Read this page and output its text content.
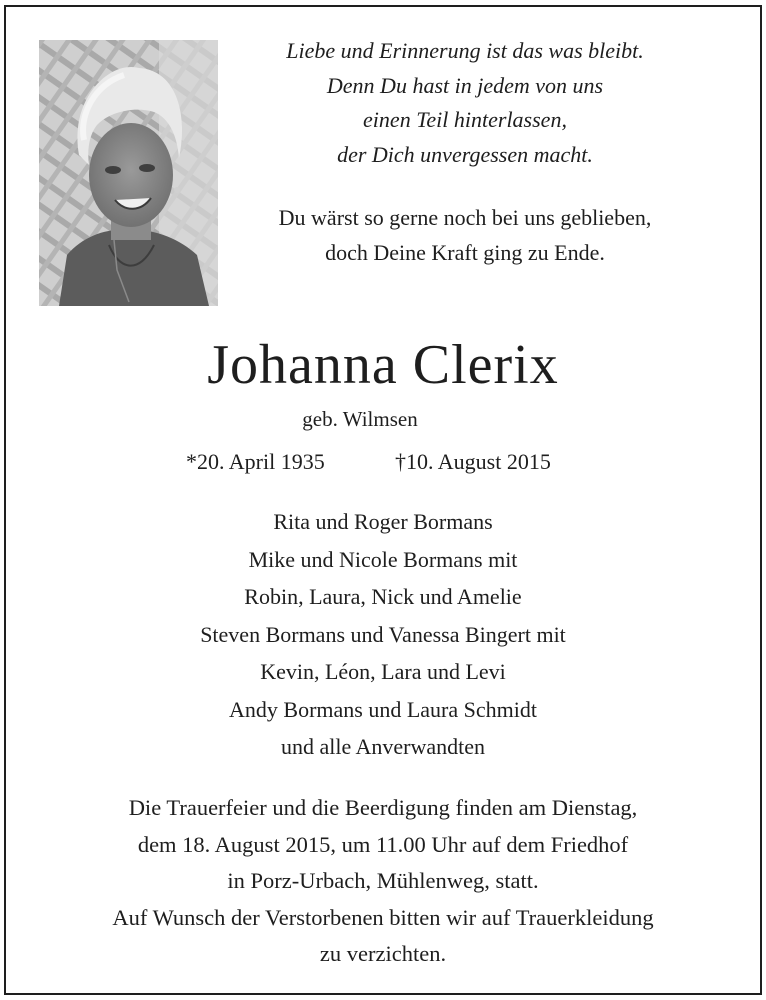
Liebe und Erinnerung ist das was bleibt.
Denn Du hast in jedem von uns
einen Teil hinterlassen,
der Dich unvergessen macht.
Du wärst so gerne noch bei uns geblieben,
doch Deine Kraft ging zu Ende.
Johanna Clerix
geb. Wilmsen
*20. April 1935	†10. August 2015
Rita und Roger Bormans
Mike und Nicole Bormans mit
Robin, Laura, Nick und Amelie
Steven Bormans und Vanessa Bingert mit
Kevin, Léon, Lara und Levi
Andy Bormans und Laura Schmidt
und alle Anverwandten
Die Trauerfeier und die Beerdigung finden am Dienstag,
dem 18. August 2015, um 11.00 Uhr auf dem Friedhof
in Porz-Urbach, Mühlenweg, statt.
Auf Wunsch der Verstorbenen bitten wir auf Trauerkleidung
zu verzichten.
